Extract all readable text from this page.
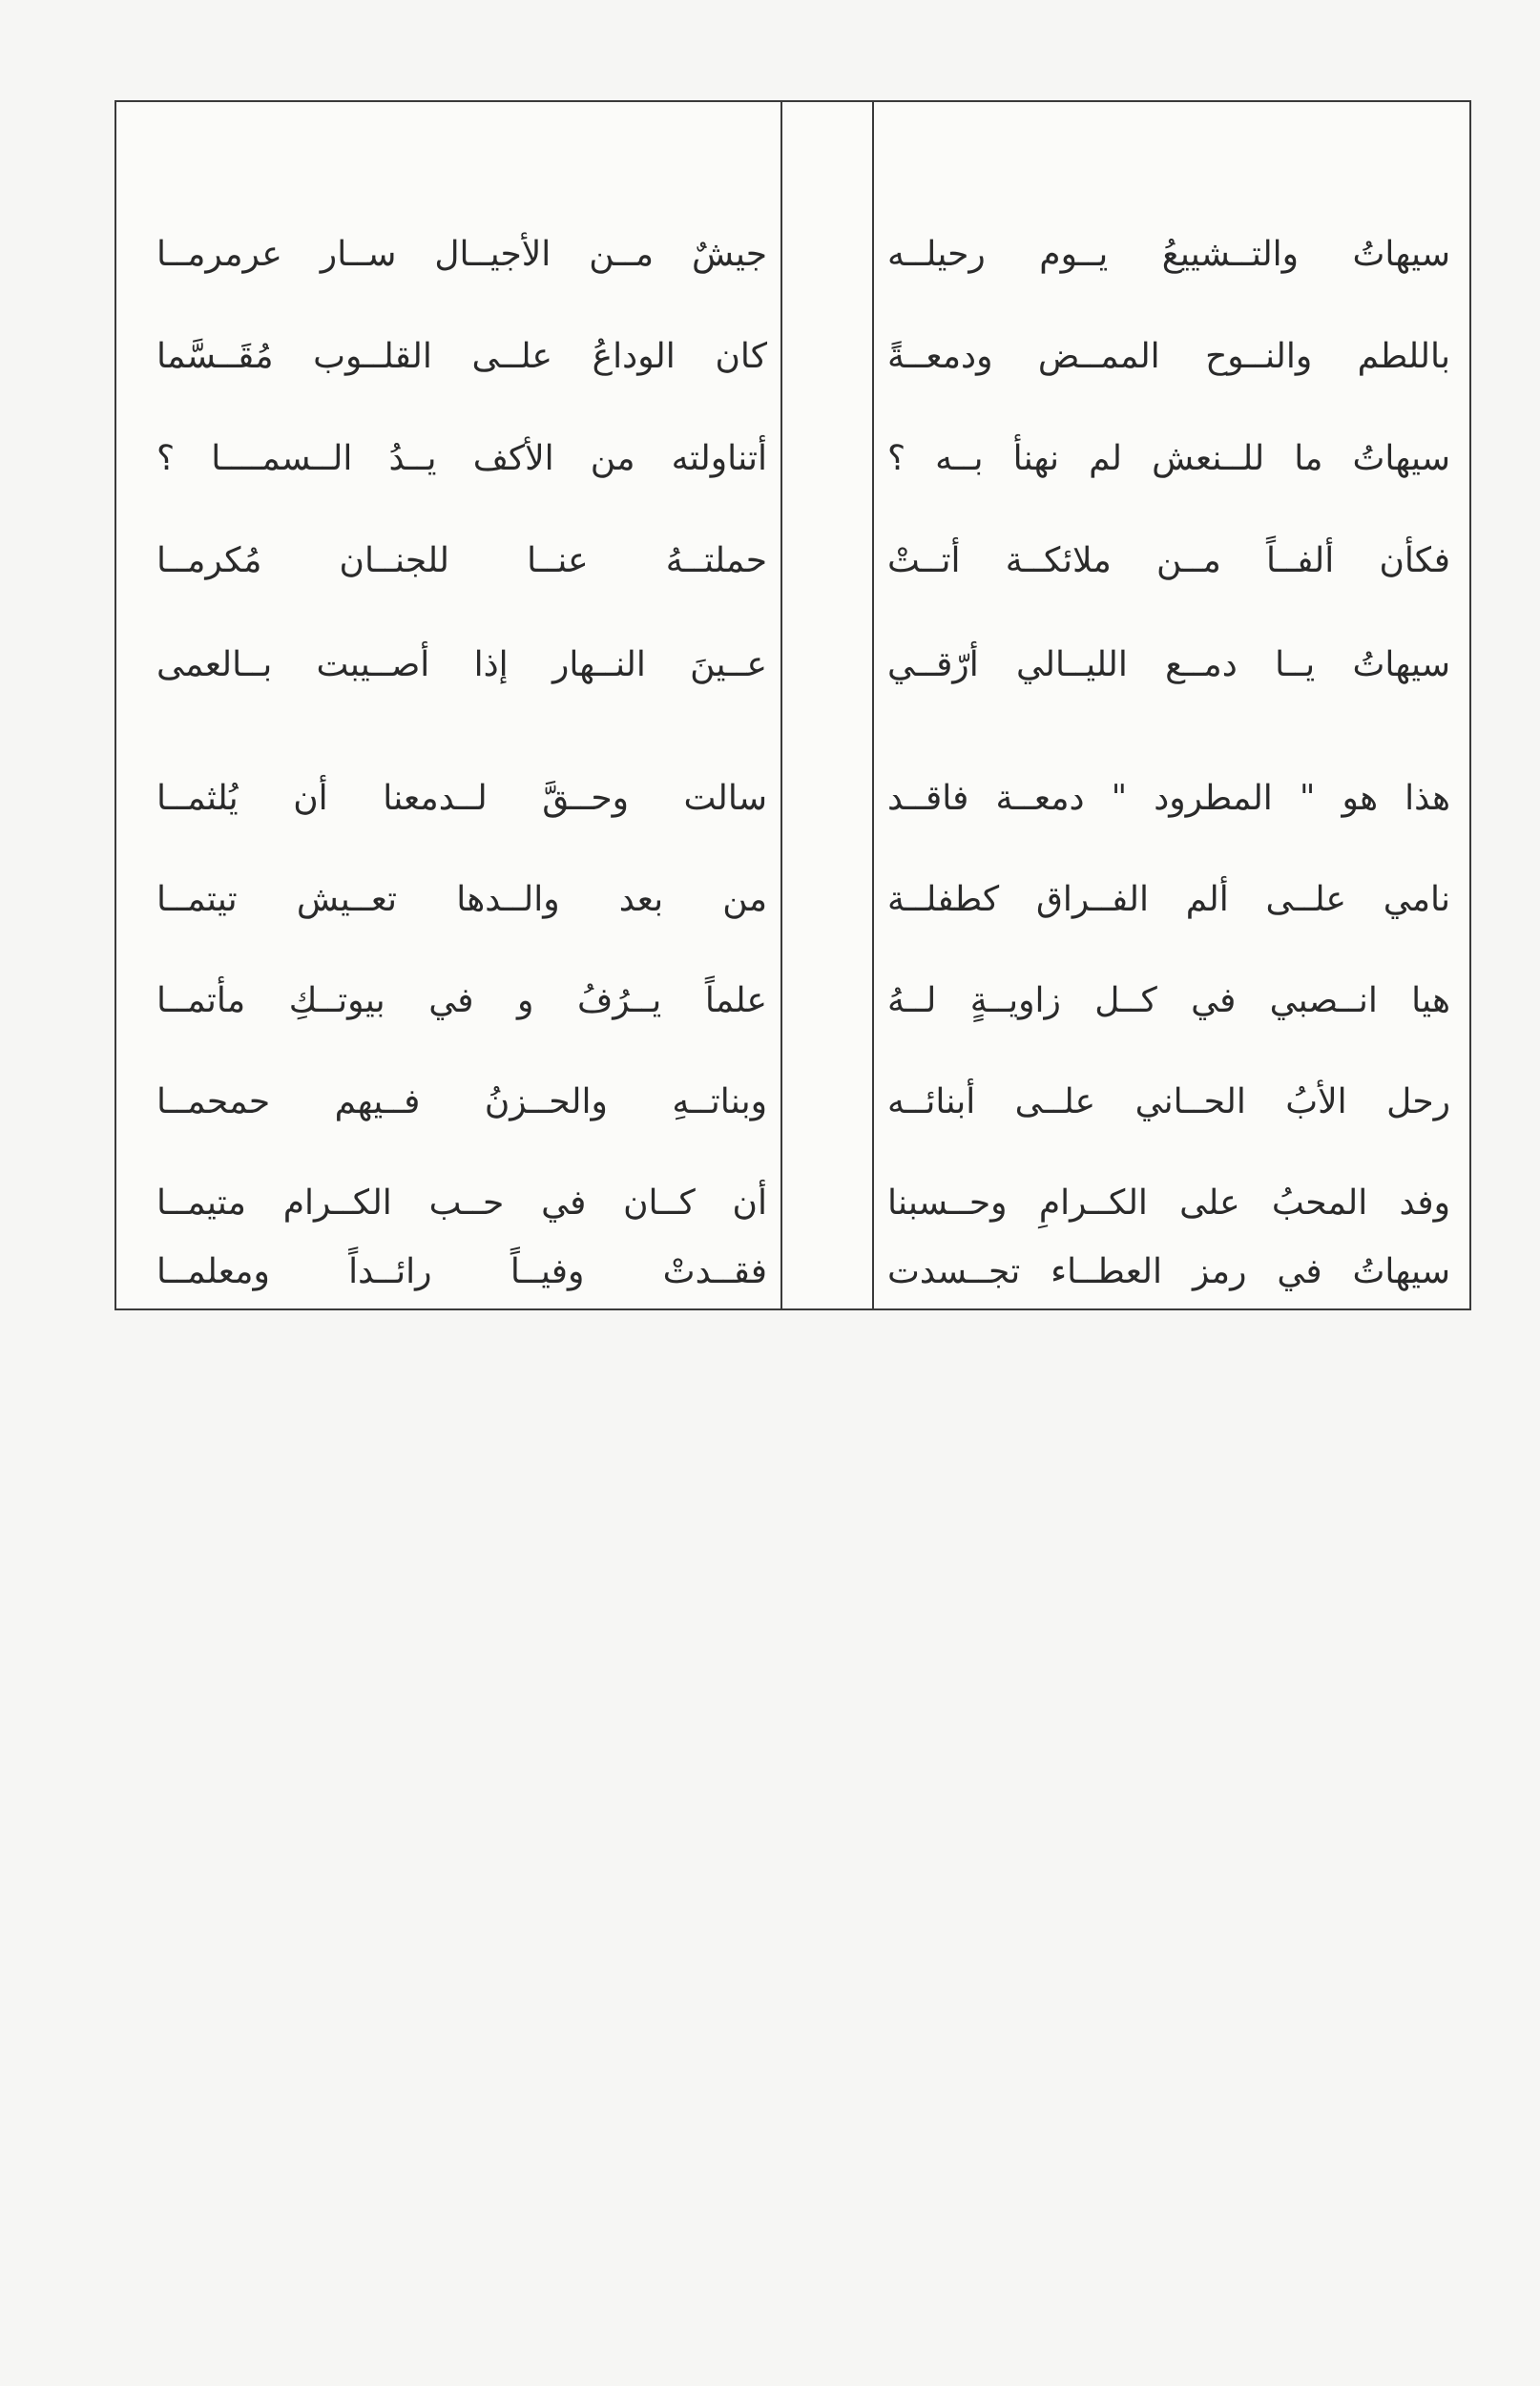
سيهاتُ والتــشييعُ يــوم رحيلــه
باللطم والنــوح الممــض ودمعــةً
سيهاتُ ما للــنعش لم نهنأ بــه ؟
فكأن ألفــاً مــن ملائكــة أتــتْ
سيهاتُ يــا دمــع الليــالي أرّقــي
هذا هو " المطرود " دمعــة فاقــد
نامي علــى ألم الفــراق كطفلــة
هيا انــصبي في كــل زاويــةٍ لــهُ
رحل الأبُ الحــاني علــى أبنائــه
وفد المحبُ على الكــرامِ وحــسبنا
سيهاتُ في رمز العطــاء تجــسدت
جيشٌ مــن الأجيــال ســار عرمرمــا
كان الوداعُ علــى القلــوب مُقَــسَّما
أتناولته من الأكف يــدُ الــسمــــا ؟
حملتــهُ عنــا للجنــان مُكرمــا
عــينَ النــهار إذا أصــيبت بــالعمى
سالت وحــقَّ لــدمعنا أن يُلثمــا
من بعد والــدها تعــيش تيتمــا
علماً يــرُفُ و في بيوتــكِ مأتمــا
وبناتــهِ والحــزنُ فــيهم حمحمــا
أن كــان في حــب الكــرام متيمــا
فقــدتْ وفيــاً رائــداً ومعلمــا
